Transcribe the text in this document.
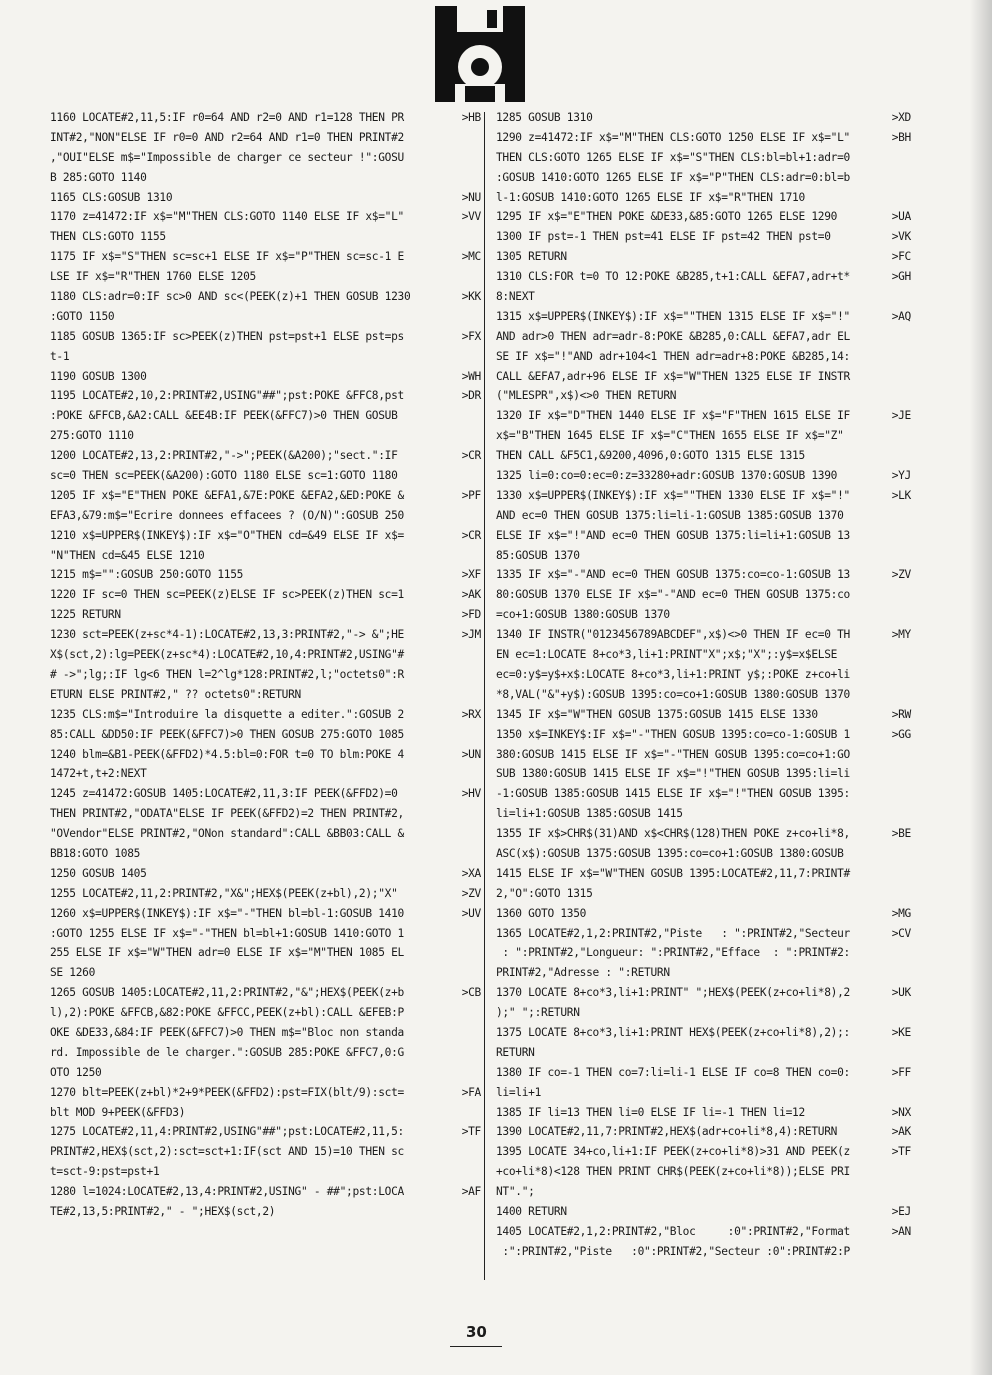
1160 LOCATE#2,11,5:IF r0=64 AND r2=0 AND r1=128 THEN PR	>HB
INT#2,"NON"ELSE IF r0=0 AND r2=64 AND r1=0 THEN PRINT#2
,"OUI"ELSE m$="Impossible de charger ce secteur !":GOSU
B 285:GOTO 1140
1165 CLS:GOSUB 1310	>NU
1170 z=41472:IF x$="M"THEN CLS:GOTO 1140 ELSE IF x$="L"	>VV
THEN CLS:GOTO 1155
1175 IF x$="S"THEN sc=sc+1 ELSE IF x$="P"THEN sc=sc-1 E	>MC
LSE IF x$="R"THEN 1760 ELSE 1205
1180 CLS:adr=0:IF sc>0 AND sc<(PEEK(z)+1 THEN GOSUB 1230	>KK
:GOTO 1150
1185 GOSUB 1365:IF sc>PEEK(z)THEN pst=pst+1 ELSE pst=ps	>FX
t-1
1190 GOSUB 1300	>WH
1195 LOCATE#2,10,2:PRINT#2,USING"##";pst:POKE &FFC8,pst	>DR
:POKE &FFCB,&A2:CALL &EE4B:IF PEEK(&FFC7)>0 THEN GOSUB
275:GOTO 1110
1200 LOCATE#2,13,2:PRINT#2,"->";PEEK(&A200);"sect.":IF	>CR
sc=0 THEN sc=PEEK(&A200):GOTO 1180 ELSE sc=1:GOTO 1180
1205 IF x$="E"THEN POKE &EFA1,&7E:POKE &EFA2,&ED:POKE &	>PF
EFA3,&79:m$="Ecrire donnees effacees ? (O/N)":GOSUB 250
1210 x$=UPPER$(INKEY$):IF x$="O"THEN cd=&49 ELSE IF x$=	>CR
"N"THEN cd=&45 ELSE 1210
1215 m$="":GOSUB 250:GOTO 1155	>XF
1220 IF sc=0 THEN sc=PEEK(z)ELSE IF sc>PEEK(z)THEN sc=1	>AK
1225 RETURN	>FD
1230 sct=PEEK(z+sc*4-1):LOCATE#2,13,3:PRINT#2,"-> &";HE	>JM
X$(sct,2):lg=PEEK(z+sc*4):LOCATE#2,10,4:PRINT#2,USING"#
# ->";lg;:IF lg<6 THEN l=2^lg*128:PRINT#2,l;"octets0":R
ETURN ELSE PRINT#2," ?? octets0":RETURN
1235 CLS:m$="Introduire la disquette a editer.":GOSUB 2	>RX
85:CALL &DD50:IF PEEK(&FFC7)>0 THEN GOSUB 275:GOTO 1085
1240 blm=&B1-PEEK(&FFD2)*4.5:bl=0:FOR t=0 TO blm:POKE 4	>UN
1472+t,t+2:NEXT
1245 z=41472:GOSUB 1405:LOCATE#2,11,3:IF PEEK(&FFD2)=0	>HV
THEN PRINT#2,"ODATA"ELSE IF PEEK(&FFD2)=2 THEN PRINT#2,
"OVendor"ELSE PRINT#2,"ONon standard":CALL &BB03:CALL &
BB18:GOTO 1085
1250 GOSUB 1405	>XA
1255 LOCATE#2,11,2:PRINT#2,"X&";HEX$(PEEK(z+bl),2);"X"	>ZV
1260 x$=UPPER$(INKEY$):IF x$="-"THEN bl=bl-1:GOSUB 1410	>UV
:GOTO 1255 ELSE IF x$="-"THEN bl=bl+1:GOSUB 1410:GOTO 1
255 ELSE IF x$="W"THEN adr=0 ELSE IF x$="M"THEN 1085 EL
SE 1260
1265 GOSUB 1405:LOCATE#2,11,2:PRINT#2,"&";HEX$(PEEK(z+b	>CB
l),2):POKE &FFCB,&82:POKE &FFCC,PEEK(z+bl):CALL &EFEB:P
OKE &DE33,&84:IF PEEK(&FFC7)>0 THEN m$="Bloc non standa
rd. Impossible de le charger.":GOSUB 285:POKE &FFC7,0:G
OTO 1250
1270 blt=PEEK(z+bl)*2+9*PEEK(&FFD2):pst=FIX(blt/9):sct=	>FA
blt MOD 9+PEEK(&FFD3)
1275 LOCATE#2,11,4:PRINT#2,USING"##";pst:LOCATE#2,11,5:	>TF
PRINT#2,HEX$(sct,2):sct=sct+1:IF(sct AND 15)=10 THEN sc
t=sct-9:pst=pst+1
1280 l=1024:LOCATE#2,13,4:PRINT#2,USING" - ##";pst:LOCA	>AF
TE#2,13,5:PRINT#2," - ";HEX$(sct,2)
1285 GOSUB 1310	>XD
1290 z=41472:IF x$="M"THEN CLS:GOTO 1250 ELSE IF x$="L"	>BH
THEN CLS:GOTO 1265 ELSE IF x$="S"THEN CLS:bl=bl+1:adr=0
:GOSUB 1410:GOTO 1265 ELSE IF x$="P"THEN CLS:adr=0:bl=b
l-1:GOSUB 1410:GOTO 1265 ELSE IF x$="R"THEN 1710
1295 IF x$="E"THEN POKE &DE33,&85:GOTO 1265 ELSE 1290	>UA
1300 IF pst=-1 THEN pst=41 ELSE IF pst=42 THEN pst=0	>VK
1305 RETURN	>FC
1310 CLS:FOR t=0 TO 12:POKE &B285,t+1:CALL &EFA7,adr+t*	>GH
8:NEXT
1315 x$=UPPER$(INKEY$):IF x$=""THEN 1315 ELSE IF x$="!"	>AQ
AND adr>0 THEN adr=adr-8:POKE &B285,0:CALL &EFA7,adr EL
SE IF x$="!"AND adr+104<1 THEN adr=adr+8:POKE &B285,14:
CALL &EFA7,adr+96 ELSE IF x$="W"THEN 1325 ELSE IF INSTR
("MLESPR",x$)<>0 THEN RETURN
1320 IF x$="D"THEN 1440 ELSE IF x$="F"THEN 1615 ELSE IF	>JE
x$="B"THEN 1645 ELSE IF x$="C"THEN 1655 ELSE IF x$="Z"
THEN CALL &F5C1,&9200,4096,0:GOTO 1315 ELSE 1315
1325 li=0:co=0:ec=0:z=33280+adr:GOSUB 1370:GOSUB 1390	>YJ
1330 x$=UPPER$(INKEY$):IF x$=""THEN 1330 ELSE IF x$="!"	>LK
AND ec=0 THEN GOSUB 1375:li=li-1:GOSUB 1385:GOSUB 1370
ELSE IF x$="!"AND ec=0 THEN GOSUB 1375:li=li+1:GOSUB 13
85:GOSUB 1370
1335 IF x$="-"AND ec=0 THEN GOSUB 1375:co=co-1:GOSUB 13	>ZV
80:GOSUB 1370 ELSE IF x$="-"AND ec=0 THEN GOSUB 1375:co
=co+1:GOSUB 1380:GOSUB 1370
1340 IF INSTR("0123456789ABCDEF",x$)<>0 THEN IF ec=0 TH	>MY
EN ec=1:LOCATE 8+co*3,li+1:PRINT"X";x$;"X";:y$=x$ELSE
ec=0:y$=y$+x$:LOCATE 8+co*3,li+1:PRINT y$;:POKE z+co+li
*8,VAL("&"+y$):GOSUB 1395:co=co+1:GOSUB 1380:GOSUB 1370
1345 IF x$="W"THEN GOSUB 1375:GOSUB 1415 ELSE 1330	>RW
1350 x$=INKEY$:IF x$="-"THEN GOSUB 1395:co=co-1:GOSUB 1	>GG
380:GOSUB 1415 ELSE IF x$="-"THEN GOSUB 1395:co=co+1:GO
SUB 1380:GOSUB 1415 ELSE IF x$="!"THEN GOSUB 1395:li=li
-1:GOSUB 1385:GOSUB 1415 ELSE IF x$="!"THEN GOSUB 1395:
li=li+1:GOSUB 1385:GOSUB 1415
1355 IF x$>CHR$(31)AND x$<CHR$(128)THEN POKE z+co+li*8,	>BE
ASC(x$):GOSUB 1375:GOSUB 1395:co=co+1:GOSUB 1380:GOSUB
1415 ELSE IF x$="W"THEN GOSUB 1395:LOCATE#2,11,7:PRINT#
2,"O":GOTO 1315
1360 GOTO 1350	>MG
1365 LOCATE#2,1,2:PRINT#2,"Piste   : ":PRINT#2,"Secteur	>CV
: ":PRINT#2,"Longueur: ":PRINT#2,"Efface  : ":PRINT#2:
PRINT#2,"Adresse : ":RETURN
1370 LOCATE 8+co*3,li+1:PRINT" ";HEX$(PEEK(z+co+li*8),2	>UK
);" ";:RETURN
1375 LOCATE 8+co*3,li+1:PRINT HEX$(PEEK(z+co+li*8),2);:	>KE
RETURN
1380 IF co=-1 THEN co=7:li=li-1 ELSE IF co=8 THEN co=0:	>FF
li=li+1
1385 IF li=13 THEN li=0 ELSE IF li=-1 THEN li=12	>NX
1390 LOCATE#2,11,7:PRINT#2,HEX$(adr+co+li*8,4):RETURN	>AK
1395 LOCATE 34+co,li+1:IF PEEK(z+co+li*8)>31 AND PEEK(z	>TF
+co+li*8)<128 THEN PRINT CHR$(PEEK(z+co+li*8));ELSE PRI
NT".";
1400 RETURN	>EJ
1405 LOCATE#2,1,2:PRINT#2,"Bloc     :0":PRINT#2,"Format	>AN
:":PRINT#2,"Piste   :0":PRINT#2,"Secteur :0":PRINT#2:P
30
